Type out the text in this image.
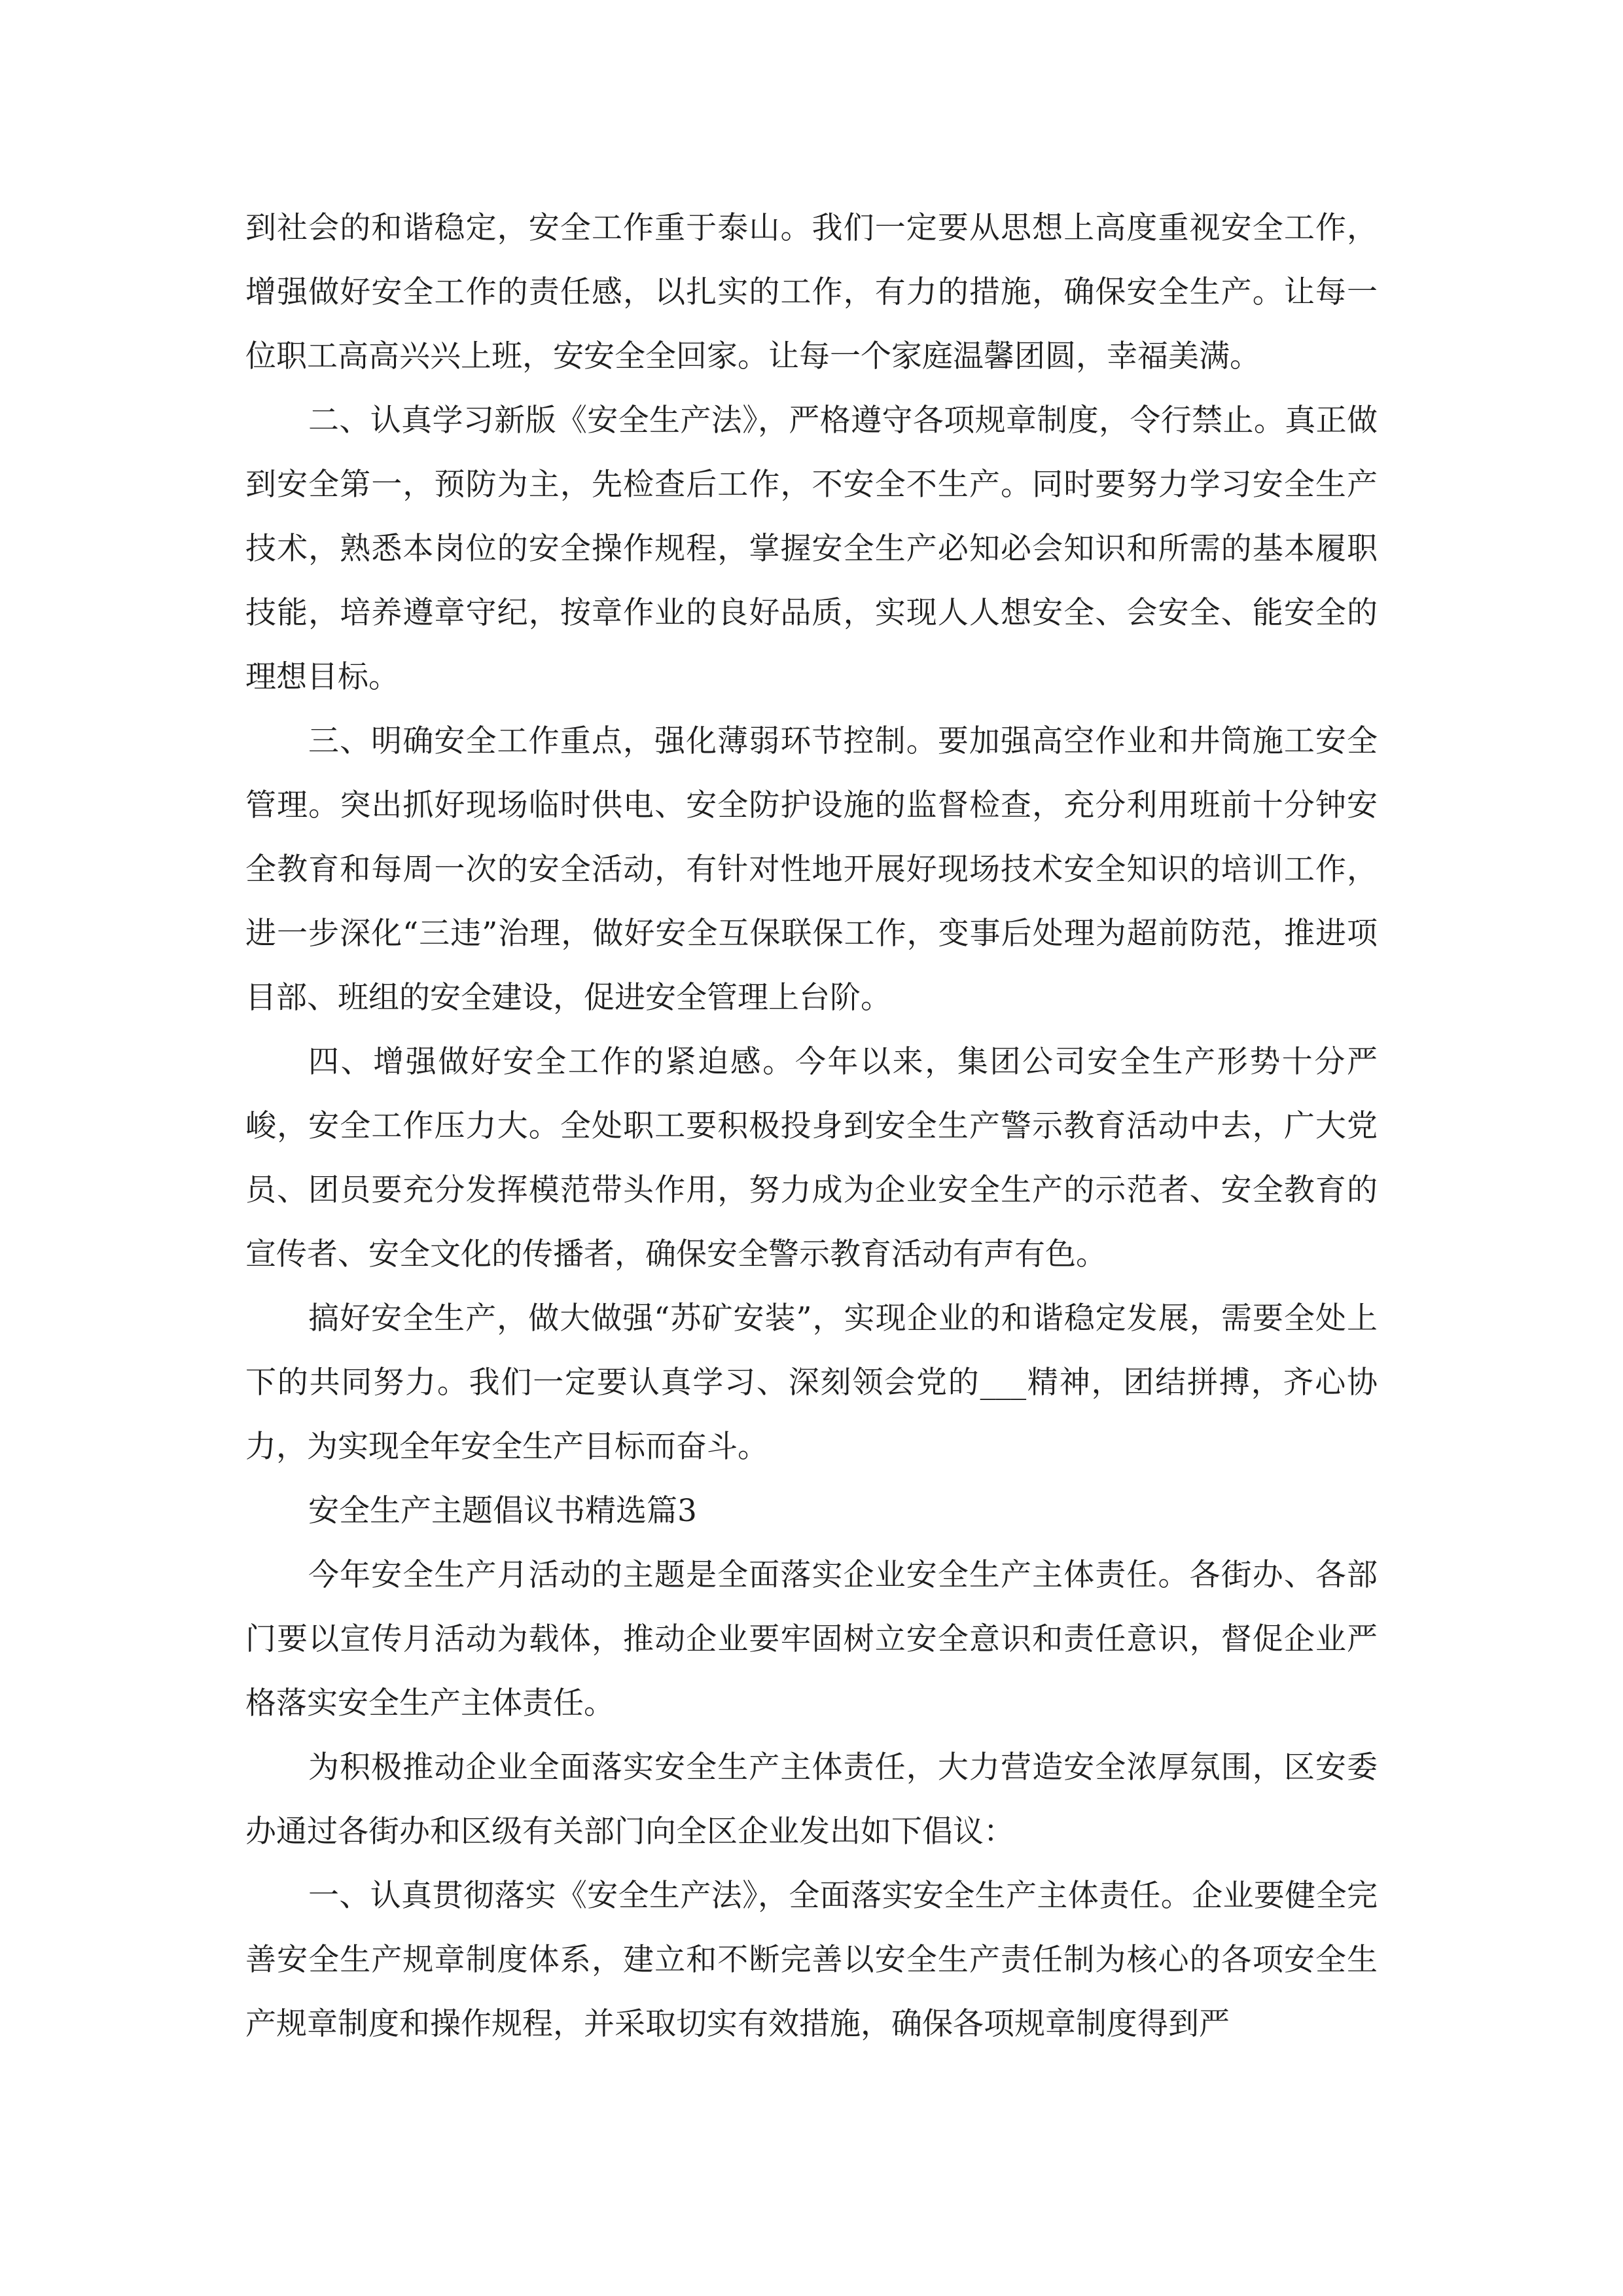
到社会的和谐稳定，安全工作重于泰山。我们一定要从思想上高度重视安全工作，增强做好安全工作的责任感，以扎实的工作，有力的措施，确保安全生产。让每一位职工高高兴兴上班，安安全全回家。让每一个家庭温馨团圆，幸福美满。

二、认真学习新版《安全生产法》，严格遵守各项规章制度，令行禁止。真正做到安全第一，预防为主，先检查后工作，不安全不生产。同时要努力学习安全生产技术，熟悉本岗位的安全操作规程，掌握安全生产必知必会知识和所需的基本履职技能，培养遵章守纪，按章作业的良好品质，实现人人想安全、会安全、能安全的理想目标。

三、明确安全工作重点，强化薄弱环节控制。要加强高空作业和井筒施工安全管理。突出抓好现场临时供电、安全防护设施的监督检查，充分利用班前十分钟安全教育和每周一次的安全活动，有针对性地开展好现场技术安全知识的培训工作，进一步深化“三违”治理，做好安全互保联保工作，变事后处理为超前防范，推进项目部、班组的安全建设，促进安全管理上台阶。

四、增强做好安全工作的紧迫感。今年以来，集团公司安全生产形势十分严峻，安全工作压力大。全处职工要积极投身到安全生产警示教育活动中去，广大党员、团员要充分发挥模范带头作用，努力成为企业安全生产的示范者、安全教育的宣传者、安全文化的传播者，确保安全警示教育活动有声有色。

搞好安全生产，做大做强“苏矿安装”，实现企业的和谐稳定发展，需要全处上下的共同努力。我们一定要认真学习、深刻领会党的___精神，团结拼搏，齐心协力，为实现全年安全生产目标而奋斗。

安全生产主题倡议书精选篇3

今年安全生产月活动的主题是全面落实企业安全生产主体责任。各街办、各部门要以宣传月活动为载体，推动企业要牢固树立安全意识和责任意识，督促企业严格落实安全生产主体责任。

为积极推动企业全面落实安全生产主体责任，大力营造安全浓厚氛围，区安委办通过各街办和区级有关部门向全区企业发出如下倡议：

一、认真贯彻落实《安全生产法》，全面落实安全生产主体责任。企业要健全完善安全生产规章制度体系，建立和不断完善以安全生产责任制为核心的各项安全生产规章制度和操作规程，并采取切实有效措施，确保各项规章制度得到严
